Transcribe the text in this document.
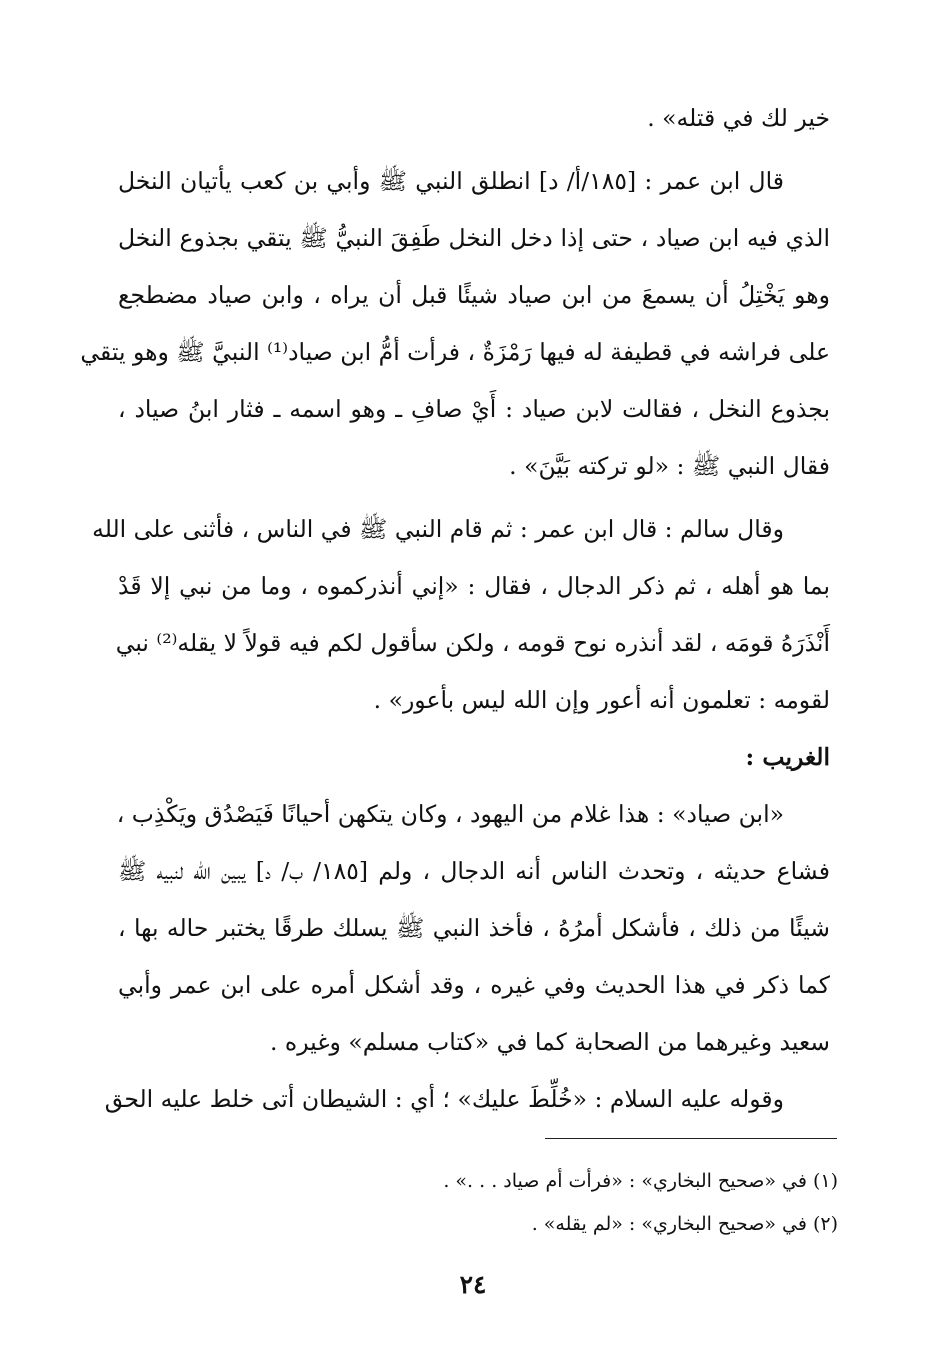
خير لك في قتله» .
قال ابن عمر : [١٨٥/أ/ د] انطلق النبي ﷺ وأبي بن كعب يأتيان النخل
الذي فيه ابن صياد ، حتى إذا دخل النخل طَفِقَ النبيُّ ﷺ يتقي بجذوع النخل
وهو يَخْتِلُ أن يسمعَ من ابن صياد شيئًا قبل أن يراه ، وابن صياد مضطجع
على فراشه في قطيفة له فيها رَمْزَةٌ ، فرأت أمُّ ابن صياد⁽¹⁾ النبيَّ ﷺ وهو يتقي
بجذوع النخل ، فقالت لابن صياد : أَيْ صافِ ـ وهو اسمه ـ فثار ابنُ صياد ،
فقال النبي ﷺ : «لو تركته بَيَّنَ» .
وقال سالم : قال ابن عمر : ثم قام النبي ﷺ في الناس ، فأثنى على الله
بما هو أهله ، ثم ذكر الدجال ، فقال : «إني أنذركموه ، وما من نبي إلا قَدْ
أَنْذَرَهُ قومَه ، لقد أنذره نوح قومه ، ولكن سأقول لكم فيه قولاً لا يقله⁽²⁾ نبي
لقومه : تعلمون أنه أعور وإن الله ليس بأعور» .
الغريب :
«ابن صياد» : هذا غلام من اليهود ، وكان يتكهن أحيانًا فَيَصْدُق ويَكْذِب ،
فشاع حديثه ، وتحدث الناس أنه الدجال ، ولم [١٨٥/ ب/ د] يبين الله لنبيه ﷺ
شيئًا من ذلك ، فأشكل أمرُهُ ، فأخذ النبي ﷺ يسلك طرقًا يختبر حاله بها ،
كما ذكر في هذا الحديث وفي غيره ، وقد أشكل أمره على ابن عمر وأبي
سعيد وغيرهما من الصحابة كما في «كتاب مسلم» وغيره .
وقوله عليه السلام : «خُلِّطَ عليك» ؛ أي : الشيطان أتى خلط عليه الحق
(١) في «صحيح البخاري» : «فرأت أم صياد . . .» .
(٢) في «صحيح البخاري» : «لم يقله» .
٢٤
